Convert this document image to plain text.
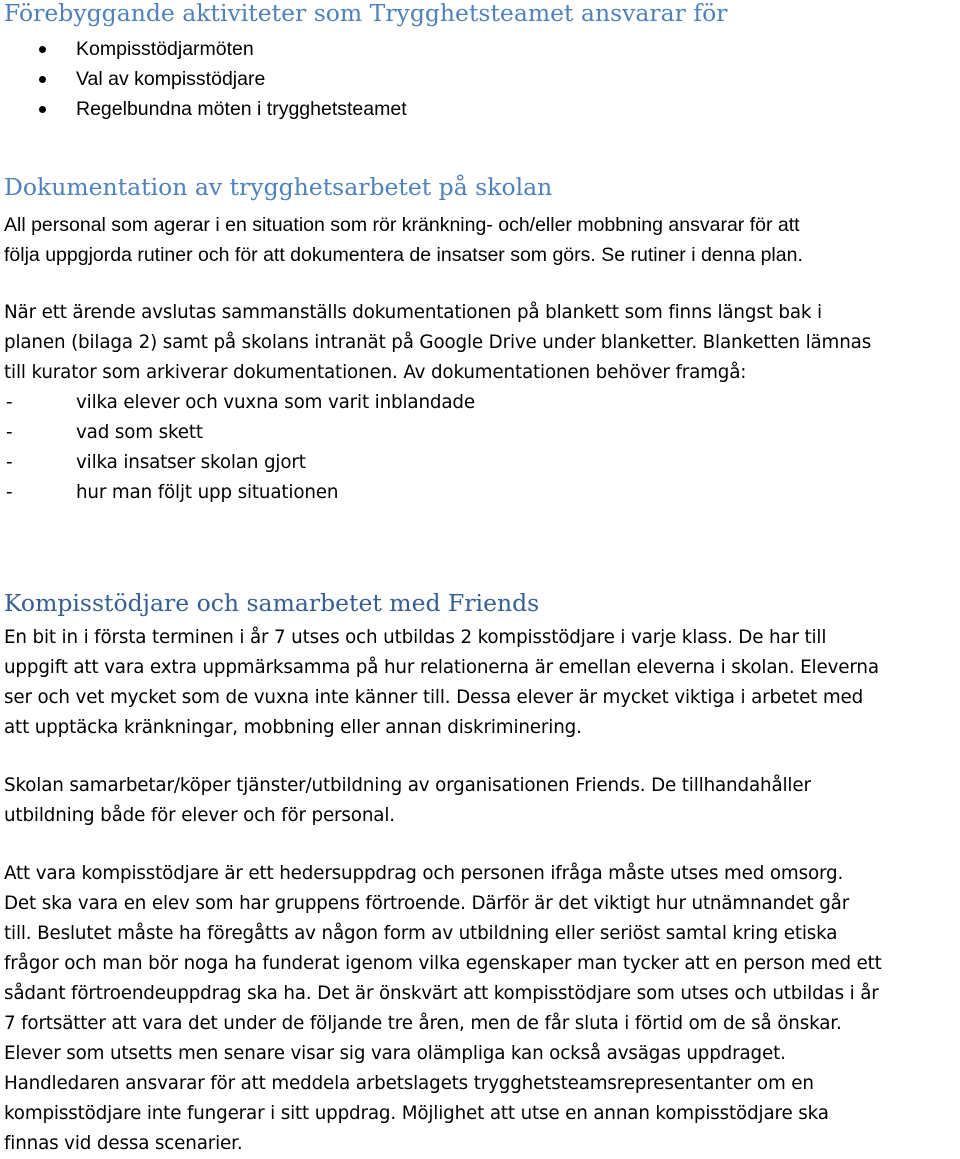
Förebyggande aktiviteter som Trygghetsteamet ansvarar för
Kompisstödjarmöten
Val av kompisstödjare
Regelbundna möten i trygghetsteamet
Dokumentation av trygghetsarbetet på skolan

All personal som agerar i en situation som rör kränkning- och/eller mobbning ansvarar för att
följa uppgjorda rutiner och för att dokumentera de insatser som görs. Se rutiner i denna plan.

När ett ärende avslutas sammanställs dokumentationen på blankett som finns längst bak i
planen (bilaga 2) samt på skolans intranät på Google Drive under blanketter. Blanketten lämnas
till kurator som arkiverar dokumentationen. Av dokumentationen behöver framgå:

-	vilka elever och vuxna som varit inblandade
-	vad som skett
-	vilka insatser skolan gjort
-	hur man följt upp situationen
Kompisstödjare och samarbetet med Friends

En bit in i första terminen i år 7 utses och utbildas 2 kompisstödjare i varje klass. De har till
uppgift att vara extra uppmärksamma på hur relationerna är emellan eleverna i skolan. Eleverna
ser och vet mycket som de vuxna inte känner till. Dessa elever är mycket viktiga i arbetet med
att upptäcka kränkningar, mobbning eller annan diskriminering.

Skolan samarbetar/köper tjänster/utbildning av organisationen Friends. De tillhandahåller
utbildning både för elever och för personal.

Att vara kompisstödjare är ett hedersuppdrag och personen ifråga måste utses med omsorg.
Det ska vara en elev som har gruppens förtroende. Därför är det viktigt hur utnämnandet går
till. Beslutet måste ha föregåtts av någon form av utbildning eller seriöst samtal kring etiska
frågor och man bör noga ha funderat igenom vilka egenskaper man tycker att en person med ett
sådant förtroendeuppdrag ska ha. Det är önskvärt att kompisstödjare som utses och utbildas i år
7 fortsätter att vara det under de följande tre åren, men de får sluta i förtid om de så önskar.
Elever som utsetts men senare visar sig vara olämpliga kan också avsägas uppdraget.
Handledaren ansvarar för att meddela arbetslagets trygghetsteamsrepresentanter om en
kompisstödjare inte fungerar i sitt uppdrag. Möjlighet att utse en annan kompisstödjare ska
finnas vid dessa scenarier.
